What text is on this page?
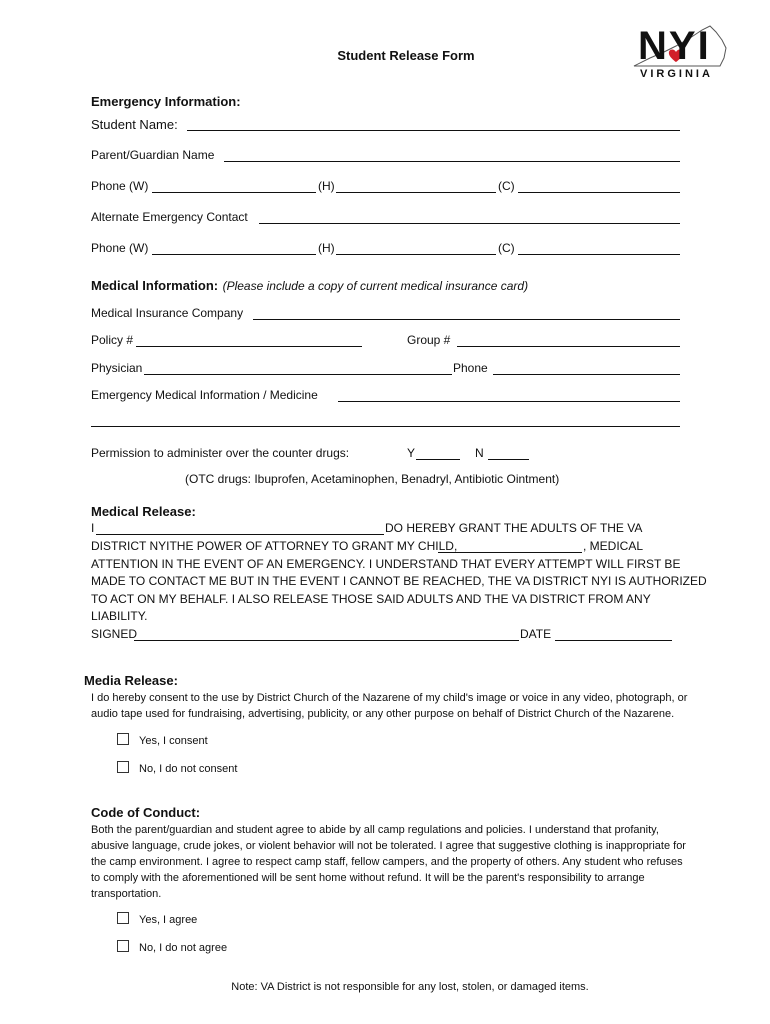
Student Release Form	NYI
VIRGINIA
Emergency Information:
Student Name:
Parent/Guardian Name
Phone (W)	(H)	(C)
Alternate Emergency Contact
Phone (W)	(H)	(C)
Medical Information: (Please include a copy of current medical insurance card)
Medical Insurance Company
Policy #	Group #
Physician	Phone
Emergency Medical Information / Medicine
Permission to administer over the counter drugs:	Y	N
(OTC drugs: Ibuprofen, Acetaminophen, Benadryl, Antibiotic Ointment)
Medical Release:
I	DO HEREBY GRANT THE ADULTS OF THE VA
DISTRICT NYITHE POWER OF ATTORNEY TO GRANT MY CHILD,	, MEDICAL
ATTENTION IN THE EVENT OF AN EMERGENCY. I UNDERSTAND THAT EVERY ATTEMPT WILL FIRST BE
MADE TO CONTACT ME BUT IN THE EVENT I CANNOT BE REACHED, THE VA DISTRICT NYI IS AUTHORIZED
TO ACT ON MY BEHALF. I ALSO RELEASE THOSE SAID ADULTS AND THE VA DISTRICT FROM ANY
LIABILITY.
SIGNED	DATE
Media Release:
I do hereby consent to the use by District Church of the Nazarene of my child's image or voice in any video, photograph, or
audio tape used for fundraising, advertising, publicity, or any other purpose on behalf of District Church of the Nazarene.
Yes, I consent
No, I do not consent
Code of Conduct:
Both the parent/guardian and student agree to abide by all camp regulations and policies. I understand that profanity,
abusive language, crude jokes, or violent behavior will not be tolerated. I agree that suggestive clothing is inappropriate for
the camp environment. I agree to respect camp staff, fellow campers, and the property of others. Any student who refuses
to comply with the aforementioned will be sent home without refund. It will be the parent's responsibility to arrange
transportation.
Yes, I agree
No, I do not agree
Note: VA District is not responsible for any lost, stolen, or damaged items.
